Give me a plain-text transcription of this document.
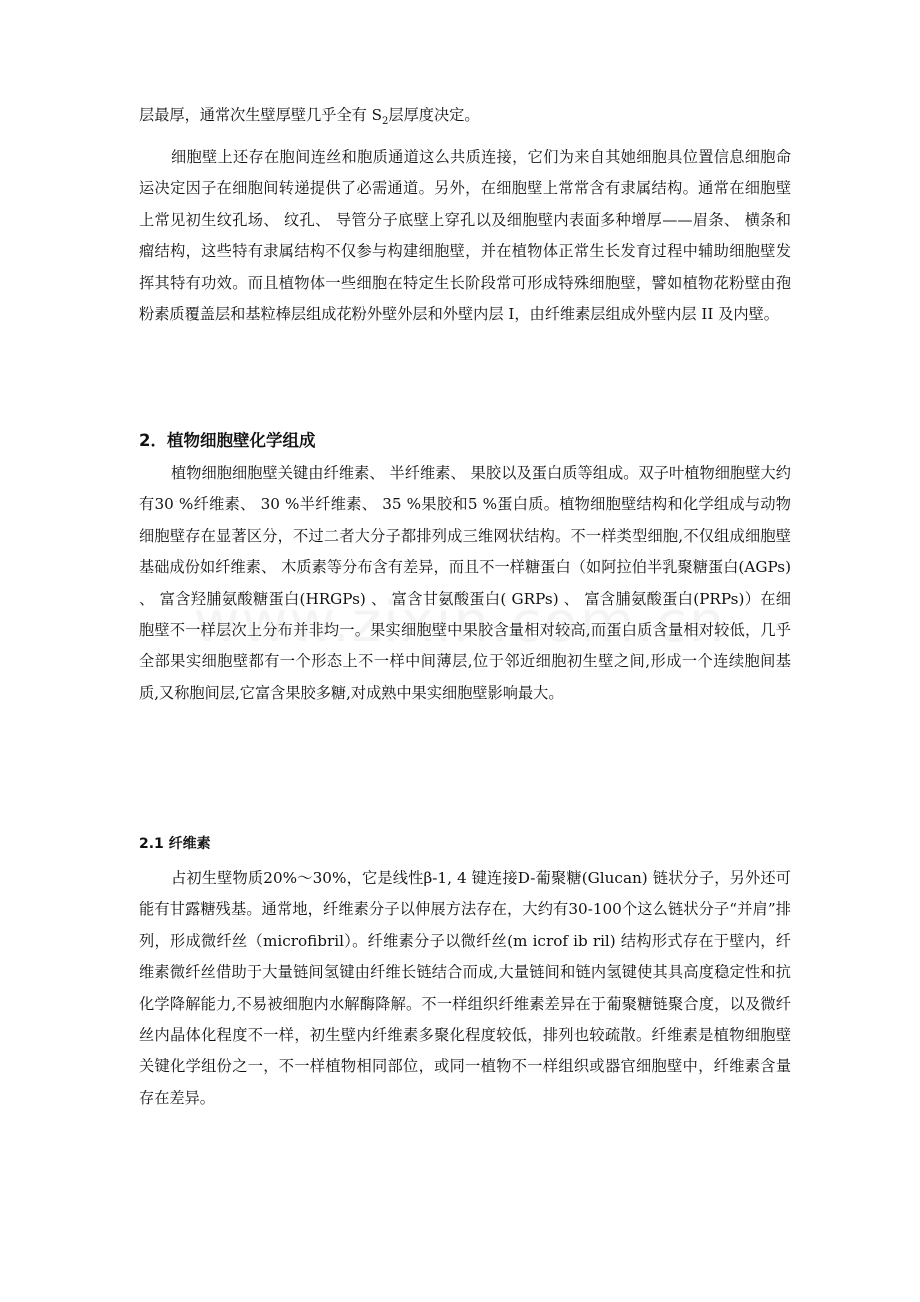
层最厚，通常次生壁厚壁几乎全有 $S_2$层厚度决定。

细胞壁上还存在胞间连丝和胞质通道这么共质连接，它们为来自其她细胞具位置信息细胞命运决定因子在细胞间转递提供了必需通道。另外，在细胞壁上常常含有隶属结构。通常在细胞壁上常见初生纹孔场、 纹孔、 导管分子底壁上穿孔以及细胞壁内表面多种增厚——眉条、 横条和瘤结构，这些特有隶属结构不仅参与构建细胞壁，并在植物体正常生长发育过程中辅助细胞壁发挥其特有功效。而且植物体一些细胞在特定生长阶段常可形成特殊细胞壁，譬如植物花粉壁由孢粉素质覆盖层和基粒棒层组成花粉外壁外层和外壁内层 I，由纤维素层组成外壁内层 II 及内壁。

2．植物细胞壁化学组成

植物细胞细胞壁关键由纤维素、 半纤维素、 果胶以及蛋白质等组成。双子叶植物细胞壁大约有30 %纤维素、 30 %半纤维素、 35 %果胶和5 %蛋白质。植物细胞壁结构和化学组成与动物细胞壁存在显著区分，不过二者大分子都排列成三维网状结构。不一样类型细胞,不仅组成细胞壁基础成份如纤维素、 木质素等分布含有差异，而且不一样糖蛋白（如阿拉伯半乳聚糖蛋白(AGPs) 、 富含羟脯氨酸糖蛋白(HRGPs) 、 富含甘氨酸蛋白( GRPs) 、 富含脯氨酸蛋白(PRPs)）在细胞壁不一样层次上分布并非均一。果实细胞壁中果胶含量相对较高,而蛋白质含量相对较低，几乎全部果实细胞壁都有一个形态上不一样中间薄层,位于邻近细胞初生壁之间,形成一个连续胞间基质,又称胞间层,它富含果胶多糖,对成熟中果实细胞壁影响最大。

2.1 纤维素

占初生壁物质20%～30%，它是线性β-1, 4 键连接D-葡聚糖(Glucan) 链状分子，另外还可能有甘露糖残基。通常地，纤维素分子以伸展方法存在，大约有30-100个这么链状分子“并肩”排列，形成微纤丝（microfibril）。纤维素分子以微纤丝(m icrof ib ril) 结构形式存在于壁内，纤维素微纤丝借助于大量链间氢键由纤维长链结合而成,大量链间和链内氢键使其具高度稳定性和抗化学降解能力,不易被细胞内水解酶降解。不一样组织纤维素差异在于葡聚糖链聚合度，以及微纤丝内晶体化程度不一样，初生壁内纤维素多聚化程度较低，排列也较疏散。纤维素是植物细胞壁关键化学组份之一，不一样植物相同部位，或同一植物不一样组织或器官细胞壁中，纤维素含量存在差异。
